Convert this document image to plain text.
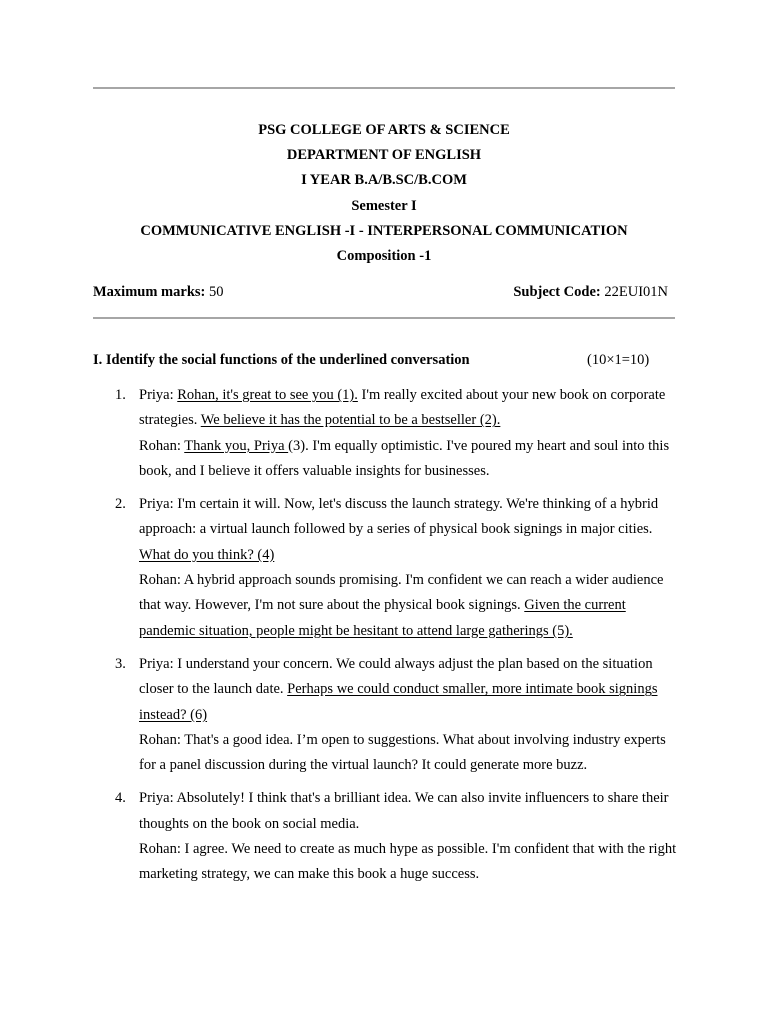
PSG COLLEGE OF ARTS & SCIENCE
DEPARTMENT OF ENGLISH
I YEAR B.A/B.SC/B.COM
Semester I
COMMUNICATIVE ENGLISH -I - INTERPERSONAL COMMUNICATION
Composition -1
Maximum marks: 50	Subject Code: 22EUI01N
I. Identify the social functions of the underlined conversation	(10×1=10)
1. Priya: Rohan, it's great to see you (1). I'm really excited about your new book on corporate strategies. We believe it has the potential to be a bestseller (2).

Rohan: Thank you, Priya (3). I'm equally optimistic. I've poured my heart and soul into this book, and I believe it offers valuable insights for businesses.

2. Priya: I'm certain it will. Now, let's discuss the launch strategy. We're thinking of a hybrid approach: a virtual launch followed by a series of physical book signings in major cities. What do you think? (4)

Rohan: A hybrid approach sounds promising. I'm confident we can reach a wider audience that way. However, I'm not sure about the physical book signings. Given the current pandemic situation, people might be hesitant to attend large gatherings (5).

3. Priya: I understand your concern. We could always adjust the plan based on the situation closer to the launch date. Perhaps we could conduct smaller, more intimate book signings instead? (6)

Rohan: That's a good idea. I’m open to suggestions. What about involving industry experts for a panel discussion during the virtual launch? It could generate more buzz.

4. Priya: Absolutely! I think that's a brilliant idea. We can also invite influencers to share their thoughts on the book on social media.

Rohan: I agree. We need to create as much hype as possible. I'm confident that with the right marketing strategy, we can make this book a huge success.
